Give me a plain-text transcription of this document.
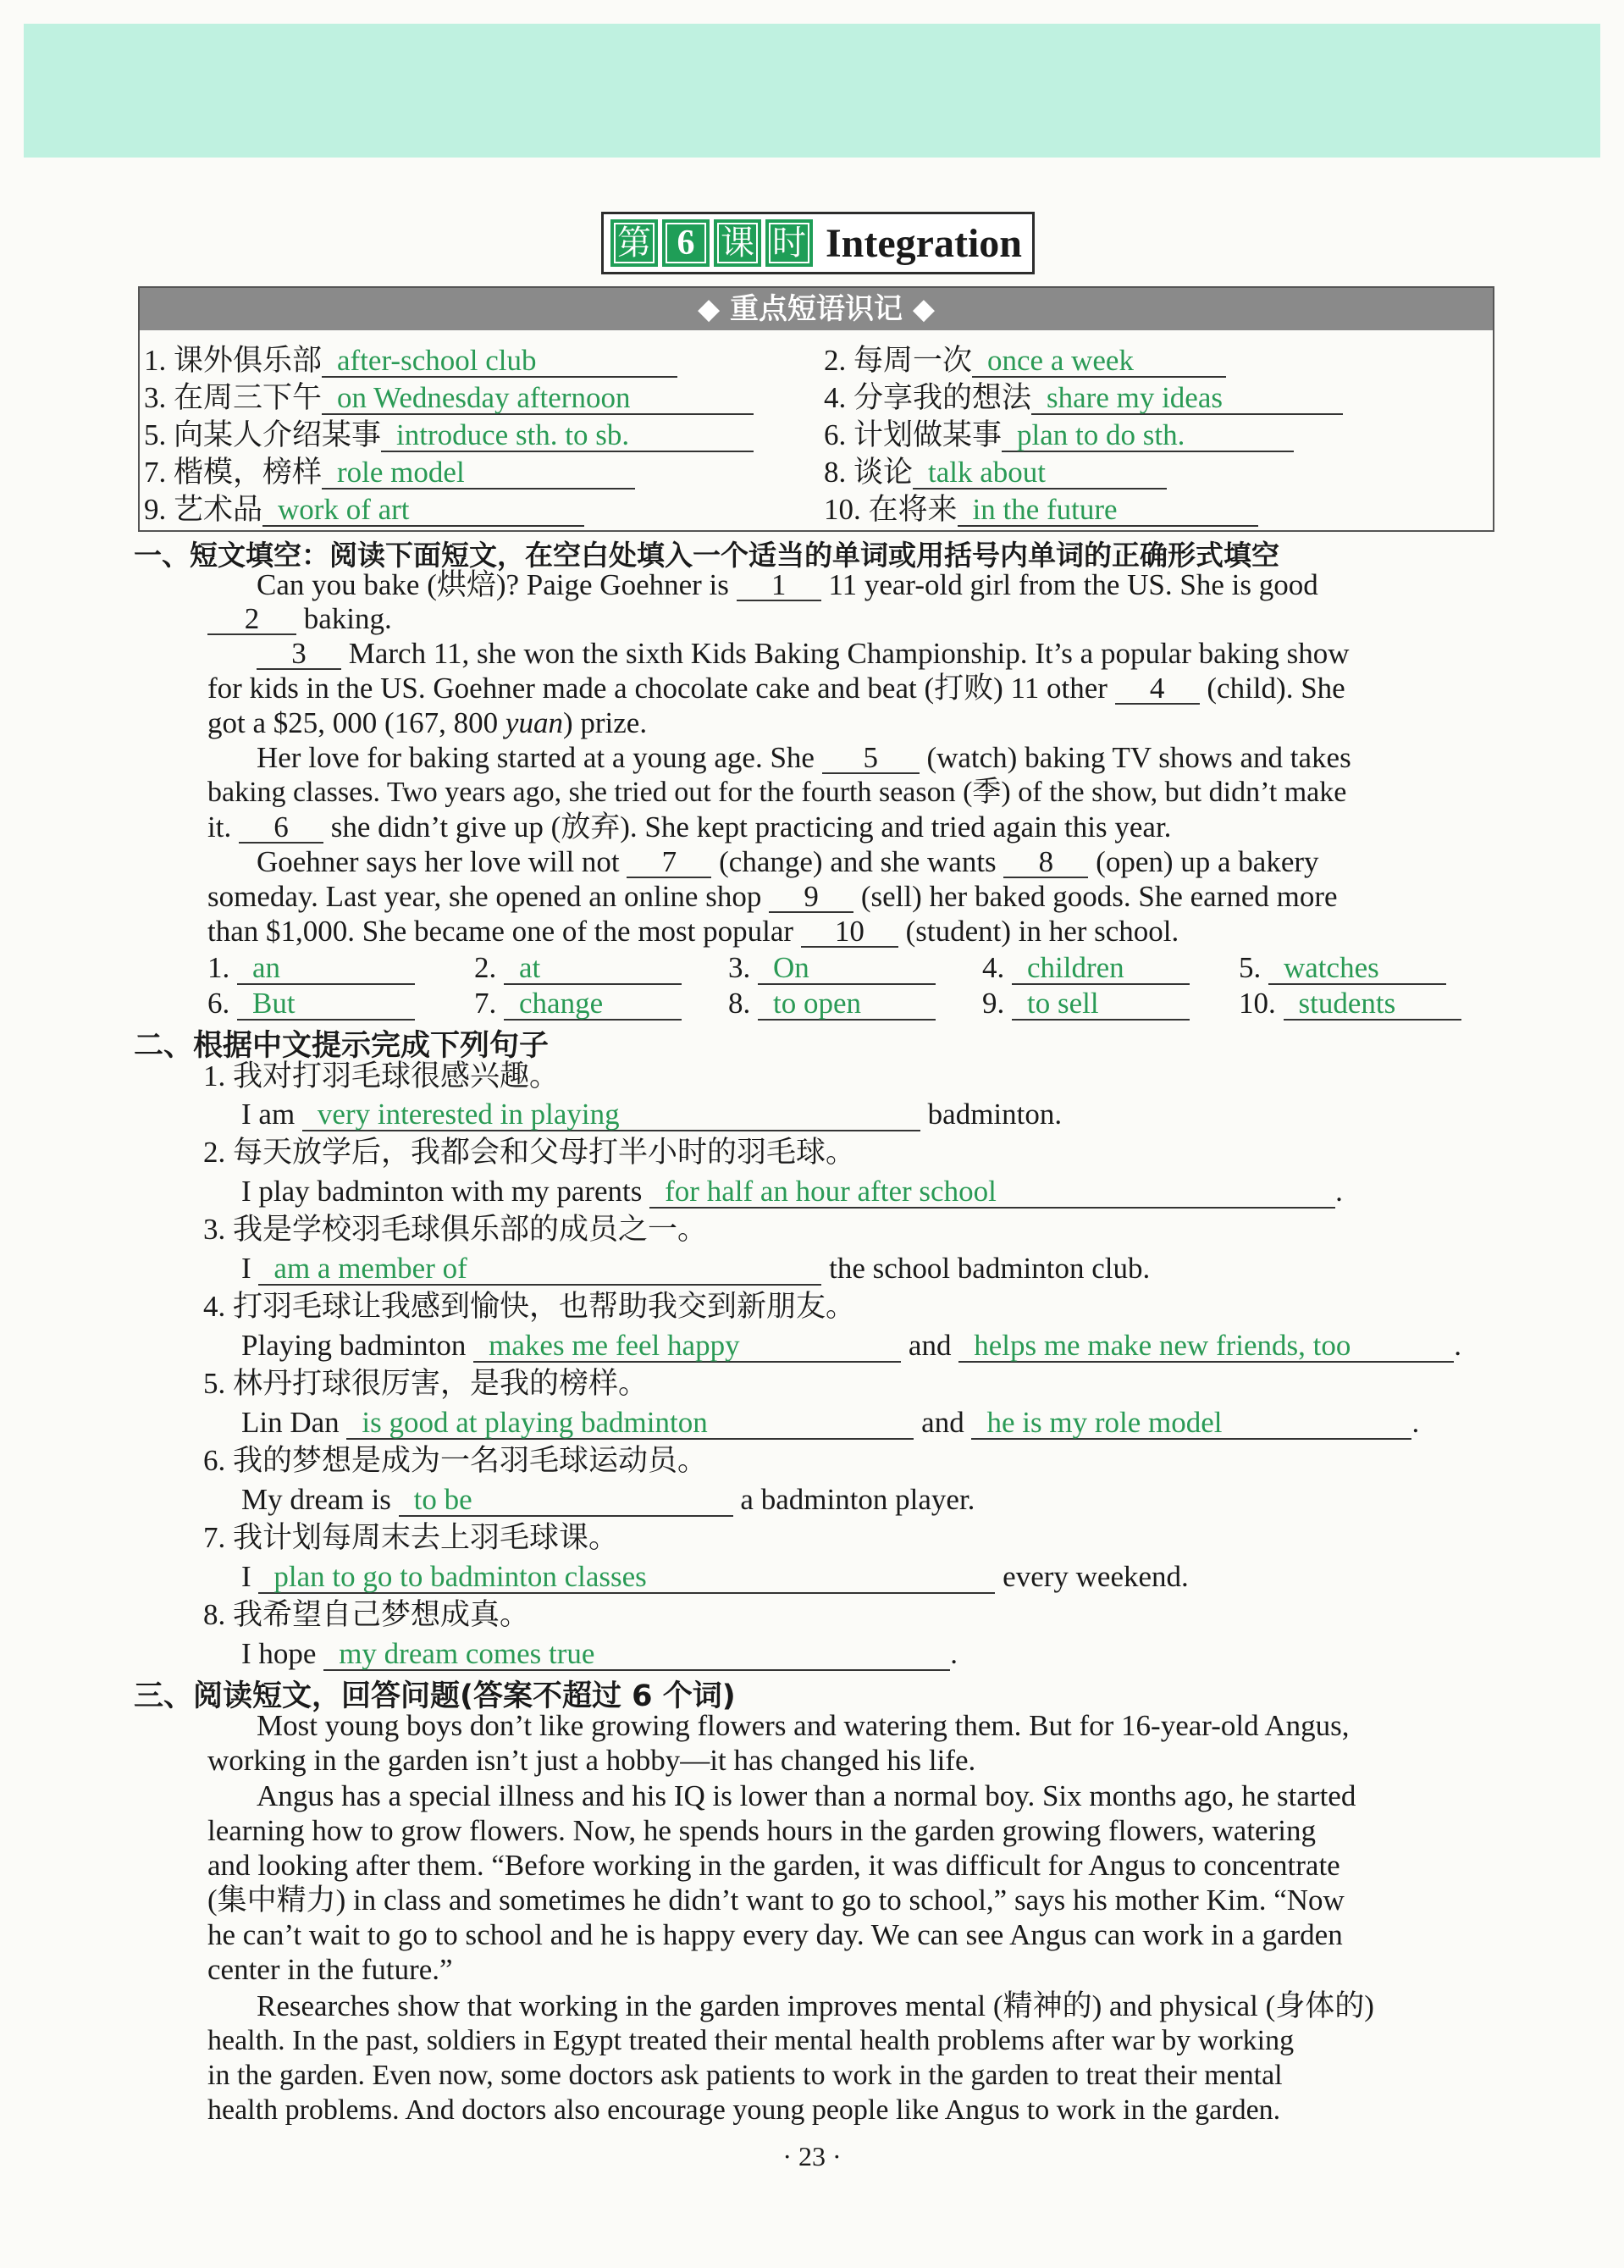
第 6 课 时 Integration
◆ 重点短语识记 ◆
1. 课外俱乐部 after-school club	2. 每周一次 once a week
3. 在周三下午 on Wednesday afternoon	4. 分享我的想法 share my ideas
5. 向某人介绍某事 introduce sth. to sb.	6. 计划做某事 plan to do sth.
7. 楷模，榜样 role model	8. 谈论 talk about
9. 艺术品 work of art	10. 在将来 in the future
一、短文填空：阅读下面短文，在空白处填入一个适当的单词或用括号内单词的正确形式填空
Can you bake (烘焙)? Paige Goehner is 1 11 year-old girl from the US. She is good
2 baking.
3 March 11, she won the sixth Kids Baking Championship. It’s a popular baking show
for kids in the US. Goehner made a chocolate cake and beat (打败) 11 other 4 (child). She
got a $25, 000 (167, 800 yuan) prize.
Her love for baking started at a young age. She 5 (watch) baking TV shows and takes
baking classes. Two years ago, she tried out for the fourth season (季) of the show, but didn’t make
it. 6 she didn’t give up (放弃). She kept practicing and tried again this year.
Goehner says her love will not 7 (change) and she wants 8 (open) up a bakery
someday. Last year, she opened an online shop 9 (sell) her baked goods. She earned more
than $1,000. She became one of the most popular 10 (student) in her school.
1. an	2. at	3. On	4. children	5. watches
6. But	7. change	8. to open	9. to sell	10. students
二、根据中文提示完成下列句子
1. 我对打羽毛球很感兴趣。
I am very interested in playing	badminton.
2. 每天放学后，我都会和父母打半小时的羽毛球。
I play badminton with my parents for half an hour after school	.
3. 我是学校羽毛球俱乐部的成员之一。
I am a member of	the school badminton club.
4. 打羽毛球让我感到愉快，也帮助我交到新朋友。
Playing badminton makes me feel happy	and helps me make new friends, too	.
5. 林丹打球很厉害，是我的榜样。
Lin Dan is good at playing badminton	and he is my role model	.
6. 我的梦想是成为一名羽毛球运动员。
My dream is to be	a badminton player.
7. 我计划每周末去上羽毛球课。
I plan to go to badminton classes	every weekend.
8. 我希望自己梦想成真。
I hope my dream comes true	.
三、阅读短文，回答问题(答案不超过 6 个词)
Most young boys don’t like growing flowers and watering them. But for 16-year-old Angus,
working in the garden isn’t just a hobby—it has changed his life.
Angus has a special illness and his IQ is lower than a normal boy. Six months ago, he started
learning how to grow flowers. Now, he spends hours in the garden growing flowers, watering
and looking after them. “Before working in the garden, it was difficult for Angus to concentrate
(集中精力) in class and sometimes he didn’t want to go to school,” says his mother Kim. “Now
he can’t wait to go to school and he is happy every day. We can see Angus can work in a garden
center in the future.”
Researches show that working in the garden improves mental (精神的) and physical (身体的)
health. In the past, soldiers in Egypt treated their mental health problems after war by working
in the garden. Even now, some doctors ask patients to work in the garden to treat their mental
health problems. And doctors also encourage young people like Angus to work in the garden.
· 23 ·
